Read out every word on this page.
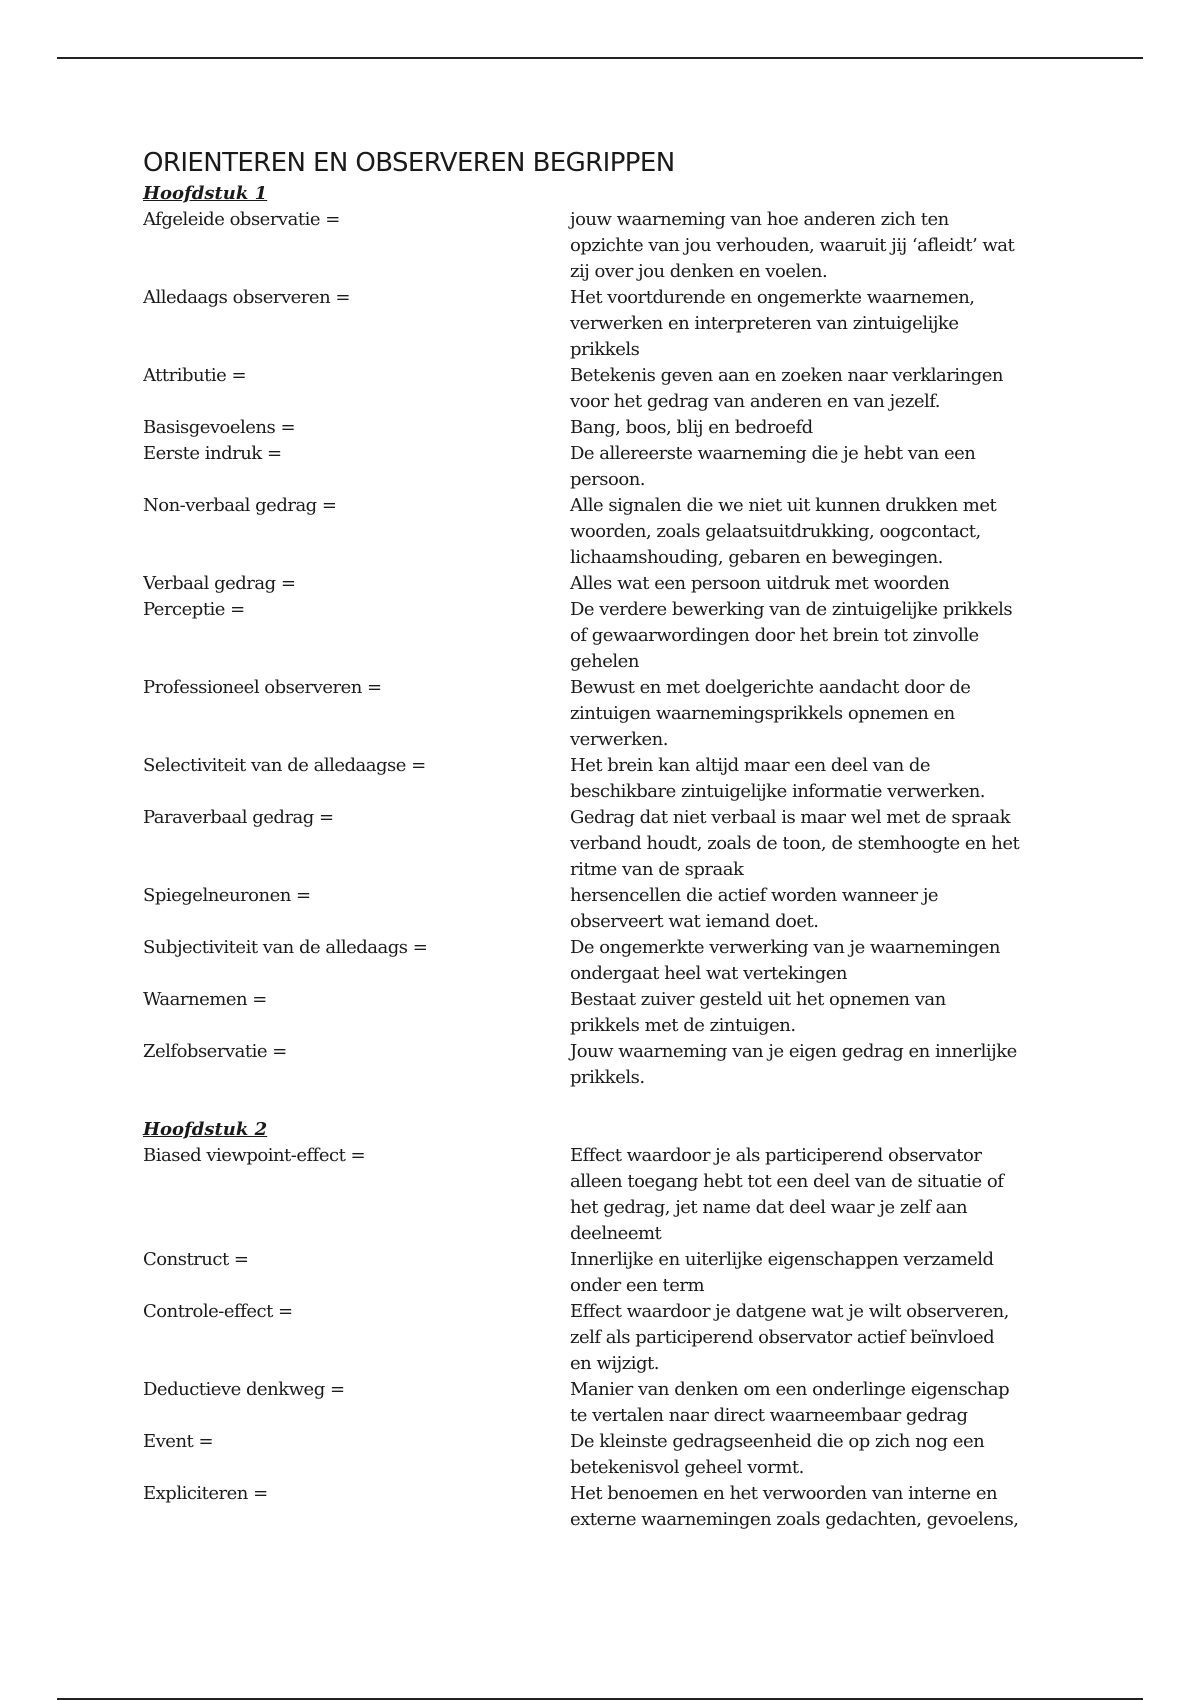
ORIENTEREN EN OBSERVEREN BEGRIPPEN
Hoofdstuk 1
Afgeleide observatie =	jouw waarneming van hoe anderen zich ten
opzichte van jou verhouden, waaruit jij ‘afleidt’ wat
zij over jou denken en voelen.
Alledaags observeren =	Het voortdurende en ongemerkte waarnemen,
verwerken en interpreteren van zintuigelijke
prikkels
Attributie =	Betekenis geven aan en zoeken naar verklaringen
voor het gedrag van anderen en van jezelf.
Basisgevoelens =	Bang, boos, blij en bedroefd
Eerste indruk =	De allereerste waarneming die je hebt van een
persoon.
Non-verbaal gedrag =	Alle signalen die we niet uit kunnen drukken met
woorden, zoals gelaatsuitdrukking, oogcontact,
lichaamshouding, gebaren en bewegingen.
Verbaal gedrag =	Alles wat een persoon uitdruk met woorden
Perceptie =	De verdere bewerking van de zintuigelijke prikkels
of gewaarwordingen door het brein tot zinvolle
gehelen
Professioneel observeren =	Bewust en met doelgerichte aandacht door de
zintuigen waarnemingsprikkels opnemen en
verwerken.
Selectiviteit van de alledaagse =	Het brein kan altijd maar een deel van de
beschikbare zintuigelijke informatie verwerken.
Paraverbaal gedrag =	Gedrag dat niet verbaal is maar wel met de spraak
verband houdt, zoals de toon, de stemhoogte en het
ritme van de spraak
Spiegelneuronen =	hersencellen die actief worden wanneer je
observeert wat iemand doet.
Subjectiviteit van de alledaags =	De ongemerkte verwerking van je waarnemingen
ondergaat heel wat vertekingen
Waarnemen =	Bestaat zuiver gesteld uit het opnemen van
prikkels met de zintuigen.
Zelfobservatie =	Jouw waarneming van je eigen gedrag en innerlijke
prikkels.
Hoofdstuk 2
Biased viewpoint-effect =	Effect waardoor je als participerend observator
alleen toegang hebt tot een deel van de situatie of
het gedrag, jet name dat deel waar je zelf aan
deelneemt
Construct =	Innerlijke en uiterlijke eigenschappen verzameld
onder een term
Controle-effect =	Effect waardoor je datgene wat je wilt observeren,
zelf als participerend observator actief beïnvloed
en wijzigt.
Deductieve denkweg =	Manier van denken om een onderlinge eigenschap
te vertalen naar direct waarneembaar gedrag
Event =	De kleinste gedragseenheid die op zich nog een
betekenisvol geheel vormt.
Expliciteren =	Het benoemen en het verwoorden van interne en
externe waarnemingen zoals gedachten, gevoelens,
